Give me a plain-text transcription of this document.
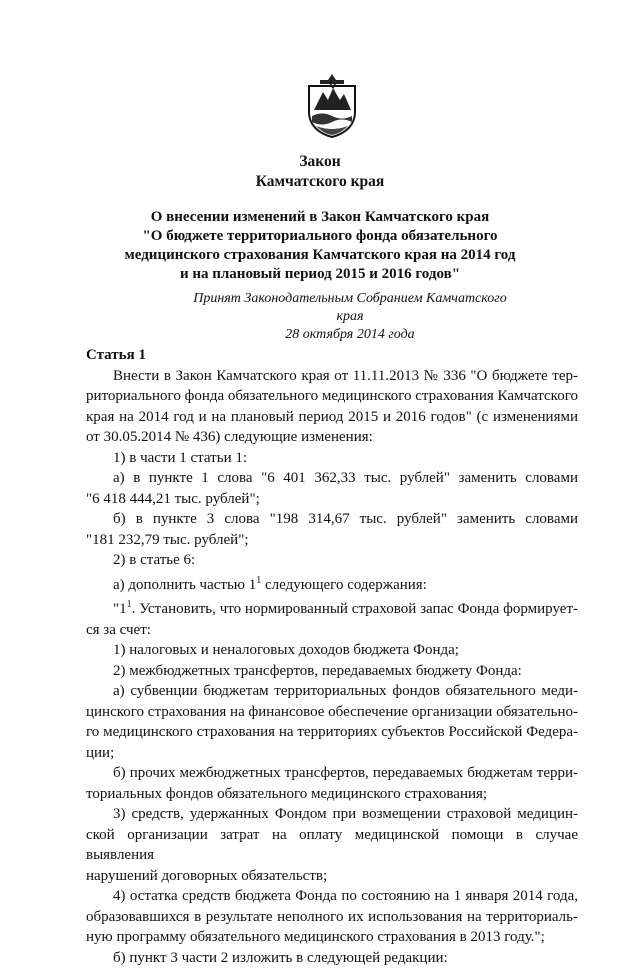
Закон
Камчатского края
О внесении изменений в Закон Камчатского края
"О бюджете территориального фонда обязательного
медицинского страхования Камчатского края на 2014 год
и на плановый период 2015 и 2016 годов"
Принят Законодательным Собранием Камчатского края
28 октября 2014 года

Статья 1

Внести в Закон Камчатского края от 11.11.2013 № 336 "О бюджете тер-

риториального фонда обязательного медицинского страхования Камчатского

края на 2014 год и на плановый период 2015 и 2016 годов" (с изменениями

от 30.05.2014 № 436) следующие изменения:

1) в части 1 статьи 1:

а) в пункте 1 слова "6 401 362,33 тыс. рублей" заменить словами

"6 418 444,21 тыс. рублей";

б) в пункте 3 слова "198 314,67 тыс. рублей" заменить словами

"181 232,79 тыс. рублей";

2) в статье 6:

а) дополнить частью $1^1$ следующего содержания:

"$1^1$. Установить, что нормированный страховой запас Фонда формирует-

ся за счет:

1) налоговых и неналоговых доходов бюджета Фонда;

2) межбюджетных трансфертов, передаваемых бюджету Фонда:

а) субвенции бюджетам территориальных фондов обязательного меди-

цинского страхования на финансовое обеспечение организации обязательно-

го медицинского страхования на территориях субъектов Российской Федера-

ции;

б) прочих межбюджетных трансфертов, передаваемых бюджетам терри-

ториальных фондов обязательного медицинского страхования;

3) средств, удержанных Фондом при возмещении страховой медицин-

ской организации затрат на оплату медицинской помощи в случае выявления

нарушений договорных обязательств;

4) остатка средств бюджета Фонда по состоянию на 1 января 2014 года,

образовавшихся в результате неполного их использования на территориаль-

ную программу обязательного медицинского страхования в 2013 году.";

б) пункт 3 части 2 изложить в следующей редакции:
